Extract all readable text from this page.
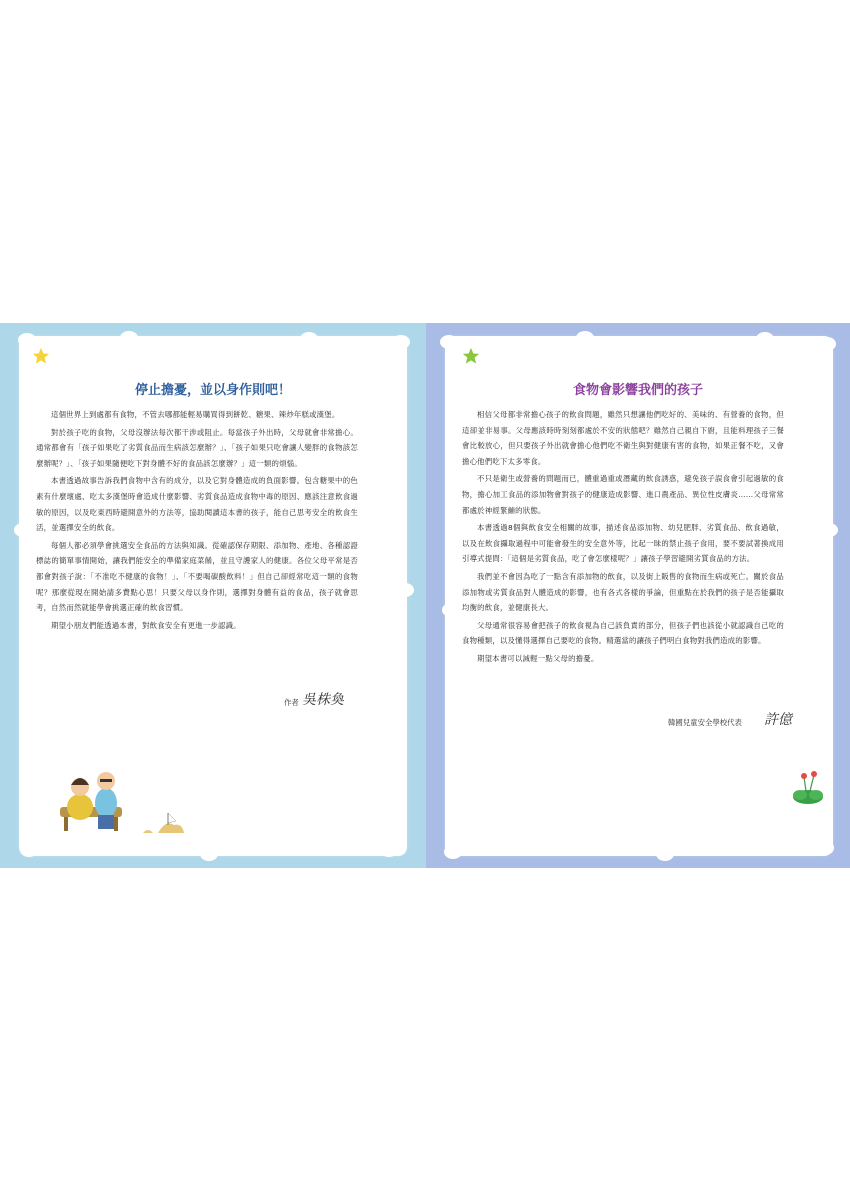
停止擔憂，並以身作則吧！

這個世界上到處都有食物，不管去哪都能輕易購買得到餅乾、糖果、辣炒年糕或漢堡。

對於孩子吃的食物，父母沒辦法每次都干涉或阻止。每當孩子外出時，父母就會非常擔心。通常都會有「孩子如果吃了劣質食品而生病該怎麼辦？」、「孩子如果只吃會讓人變胖的食物該怎麼辦呢？」、「孩子如果隨便吃下對身體不好的食品該怎麼辦？」這一類的煩惱。

本書透過故事告訴我們食物中含有的成分，以及它對身體造成的負面影響。包含糖果中的色素有什麼壞處、吃太多漢堡時會造成什麼影響、劣質食品造成食物中毒的原因、應該注意飲食過敏的原因，以及吃東西時避開意外的方法等，協助閱讀這本書的孩子，能自己思考安全的飲食生活，並選擇安全的飲食。

每個人都必須學會挑選安全食品的方法與知識。從確認保存期限、添加物、產地、各種認證標誌的簡單事情開始，讓我們能安全的準備家庭菜餚，並且守護家人的健康。各位父母平常是否都會對孩子說：「不准吃不健康的食物！」、「不要喝碳酸飲料！」但自己卻經常吃這一類的食物呢？那麼從現在開始請多費點心思！只要父母以身作則，選擇對身體有益的食品，孩子就會思考，自然而然就能學會挑選正確的飲食習慣。

期望小朋友們能透過本書，對飲食安全有更進一步認識。

作者 吳株奐
食物會影響我們的孩子

相信父母都非常擔心孩子的飲食問題，雖然只想讓他們吃好的、美味的、有營養的食物，但這卻並非易事。父母應該時時刻刻都處於不安的狀態吧？雖然自己親自下廚，且能料理孩子三餐會比較放心，但只要孩子外出就會擔心他們吃不衛生與對健康有害的食物，如果正餐不吃，又會擔心他們吃下太多零食。

不只是衛生或營養的問題而已，體重過重或潛藏的飲食誘惑，避免孩子誤食會引起過敏的食物，擔心加工食品的添加物會對孩子的健康造成影響、進口農產品、異位性皮膚炎……父母常常都處於神經緊繃的狀態。

本書透過8個與飲食安全相關的故事，描述食品添加物、幼兒肥胖、劣質食品、飲食過敏，以及在飲食攝取過程中可能會發生的安全意外等，比起一昧的禁止孩子食用，要不要試著換成用引導式提問：「這個是劣質食品，吃了會怎麼樣呢？」讓孩子學習避開劣質食品的方法。

我們並不會因為吃了一點含有添加物的飲食，以及街上販售的食物而生病或死亡。關於食品添加物或劣質食品對人體造成的影響，也有各式各樣的爭論，但重點在於我們的孩子是否能攝取均衡的飲食，並健康長大。

父母通常很容易會把孩子的飲食視為自己該負責的部分，但孩子們也該從小就認識自己吃的食物種類，以及懂得選擇自己要吃的食物。精選當的讓孩子們明白食物對我們造成的影響。

期望本書可以減輕一點父母的擔憂。

韓國兒童安全學校代表 許億
